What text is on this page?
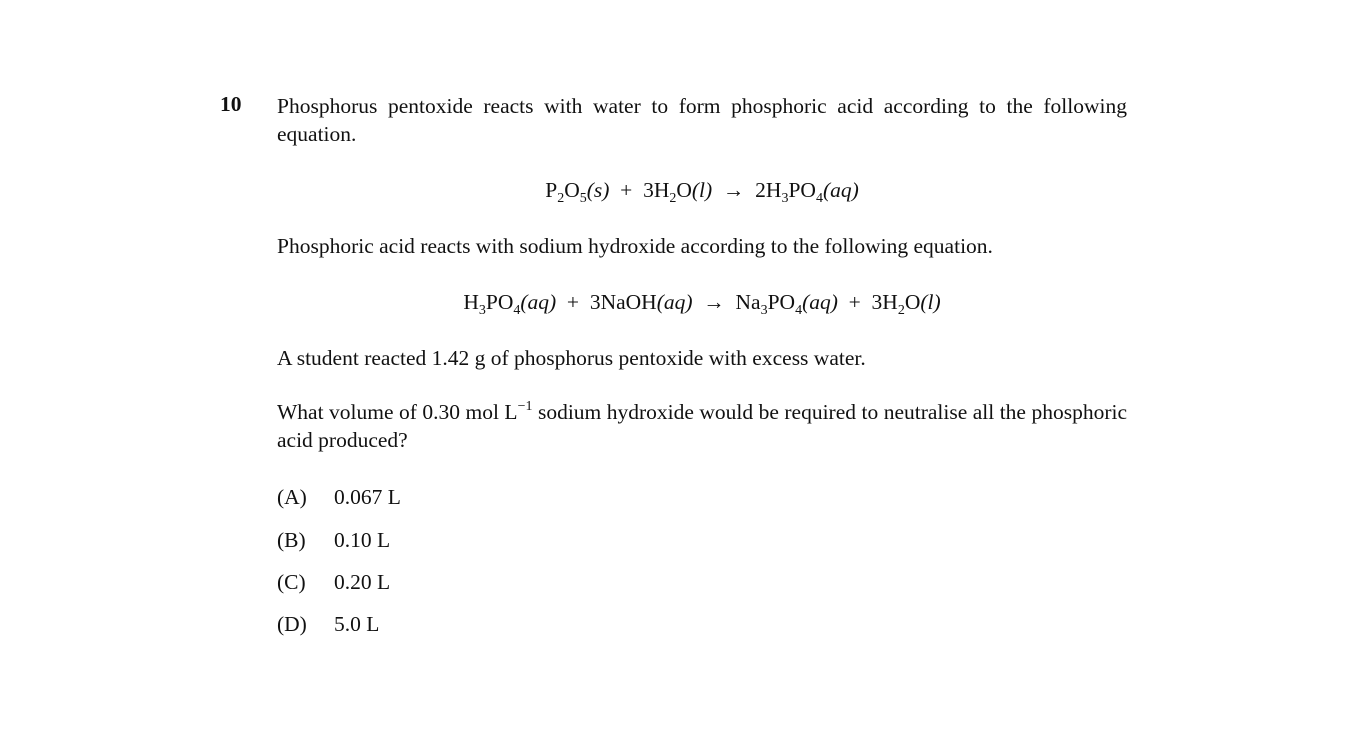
10 Phosphorus pentoxide reacts with water to form phosphoric acid according to the following equation.
$P_2O_5(s) + 3H_2O(l) \to 2H_3PO_4(aq)$
Phosphoric acid reacts with sodium hydroxide according to the following equation.
$H_3PO_4(aq)$ + 3NaOH(aq) → $Na_3PO_4(aq) + 3H_2O(l)$
A student reacted 1.42 g of phosphorus pentoxide with excess water.
What volume of 0.30 mol $L^{-1}$ sodium hydroxide would be required to neutralise all the phosphoric acid produced?
(A) 0.067 L
(B) 0.10 L
(C) 0.20 L
(D) 5.0 L
